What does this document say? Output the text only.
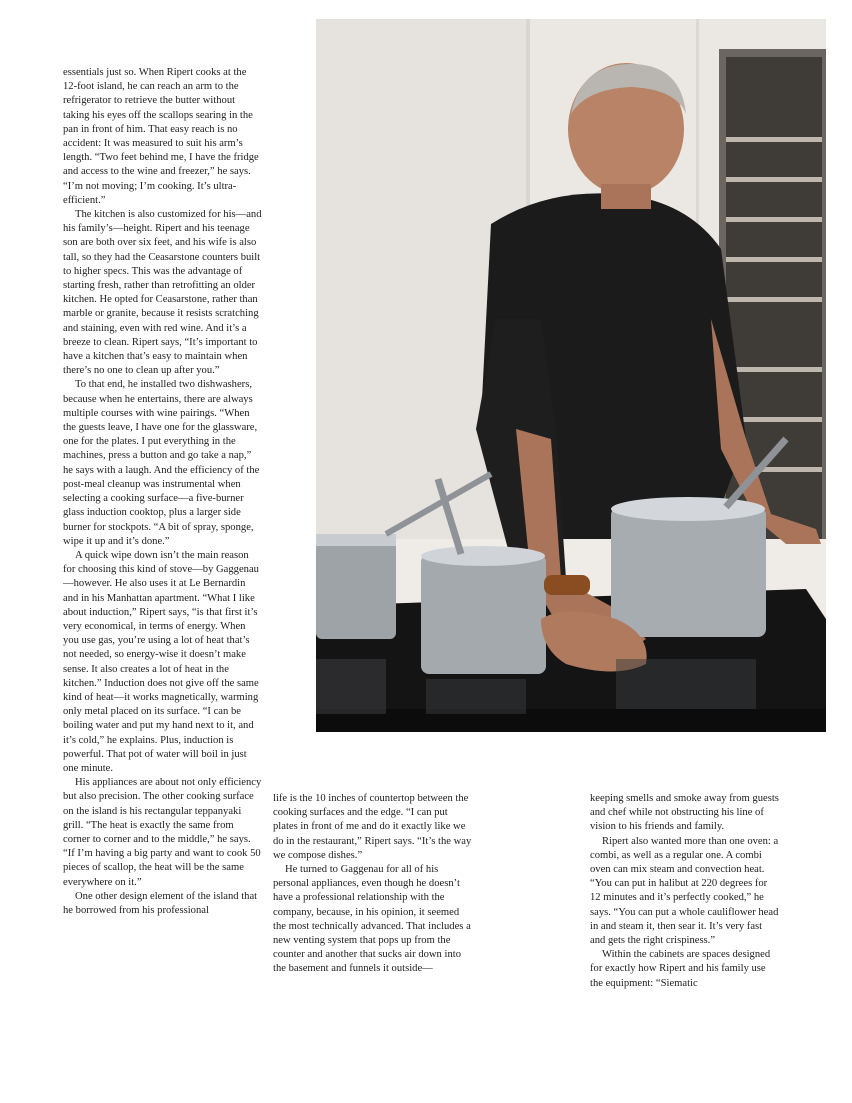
essentials just so. When Ripert cooks at the 12-foot island, he can reach an arm to the refrigerator to retrieve the butter without taking his eyes off the scallops searing in the pan in front of him. That easy reach is no accident: It was measured to suit his arm’s length. “Two feet behind me, I have the fridge and access to the wine and freezer,” he says. “I’m not moving; I’m cooking. It’s ultra-efficient.”

The kitchen is also customized for his—and his family’s—height. Ripert and his teenage son are both over six feet, and his wife is also tall, so they had the Ceasarstone counters built to higher specs. This was the advantage of starting fresh, rather than retrofitting an older kitchen. He opted for Ceasarstone, rather than marble or granite, because it resists scratching and staining, even with red wine. And it’s a breeze to clean. Ripert says, “It’s important to have a kitchen that’s easy to maintain when there’s no one to clean up after you.”

To that end, he installed two dishwashers, because when he entertains, there are always multiple courses with wine pairings. “When the guests leave, I have one for the glassware, one for the plates. I put everything in the machines, press a button and go take a nap,” he says with a laugh. And the efficiency of the post-meal cleanup was instrumental when selecting a cooking surface—a five-burner glass induction cooktop, plus a larger side burner for stockpots. “A bit of spray, sponge, wipe it up and it’s done.”

A quick wipe down isn’t the main reason for choosing this kind of stove—by Gaggenau—however. He also uses it at Le Bernardin and in his Manhattan apartment. “What I like about induction,” Ripert says, “is that first it’s very economical, in terms of energy. When you use gas, you’re using a lot of heat that’s not needed, so energy-wise it doesn’t make sense. It also creates a lot of heat in the kitchen.” Induction does not give off the same kind of heat—it works magnetically, warming only metal placed on its surface. “I can be boiling water and put my hand next to it, and it’s cold,” he explains. Plus, induction is powerful. That pot of water will boil in just one minute.

His appliances are about not only efficiency but also precision. The other cooking surface on the island is his rectangular teppanyaki grill. “The heat is exactly the same from corner to corner and to the middle,” he says. “If I’m having a big party and want to cook 50 pieces of scallop, the heat will be the same everywhere on it.”

One other design element of the island that he borrowed from his professional

life is the 10 inches of countertop between the cooking surfaces and the edge. “I can put plates in front of me and do it exactly like we do in the restaurant,” Ripert says. “It’s the way we compose dishes.”

He turned to Gaggenau for all of his personal appliances, even though he doesn’t have a professional relationship with the company, because, in his opinion, it seemed the most technically advanced. That includes a new venting system that pops up from the counter and another that sucks air down into the basement and funnels it outside—

keeping smells and smoke away from guests and chef while not obstructing his line of vision to his friends and family.

Ripert also wanted more than one oven: a combi, as well as a regular one. A combi oven can mix steam and convection heat. “You can put in halibut at 220 degrees for 12 minutes and it’s perfectly cooked,” he says. “You can put a whole cauliflower head in and steam it, then sear it. It’s very fast and gets the right crispiness.”

Within the cabinets are spaces designed for exactly how Ripert and his family use the equipment: “Siematic
